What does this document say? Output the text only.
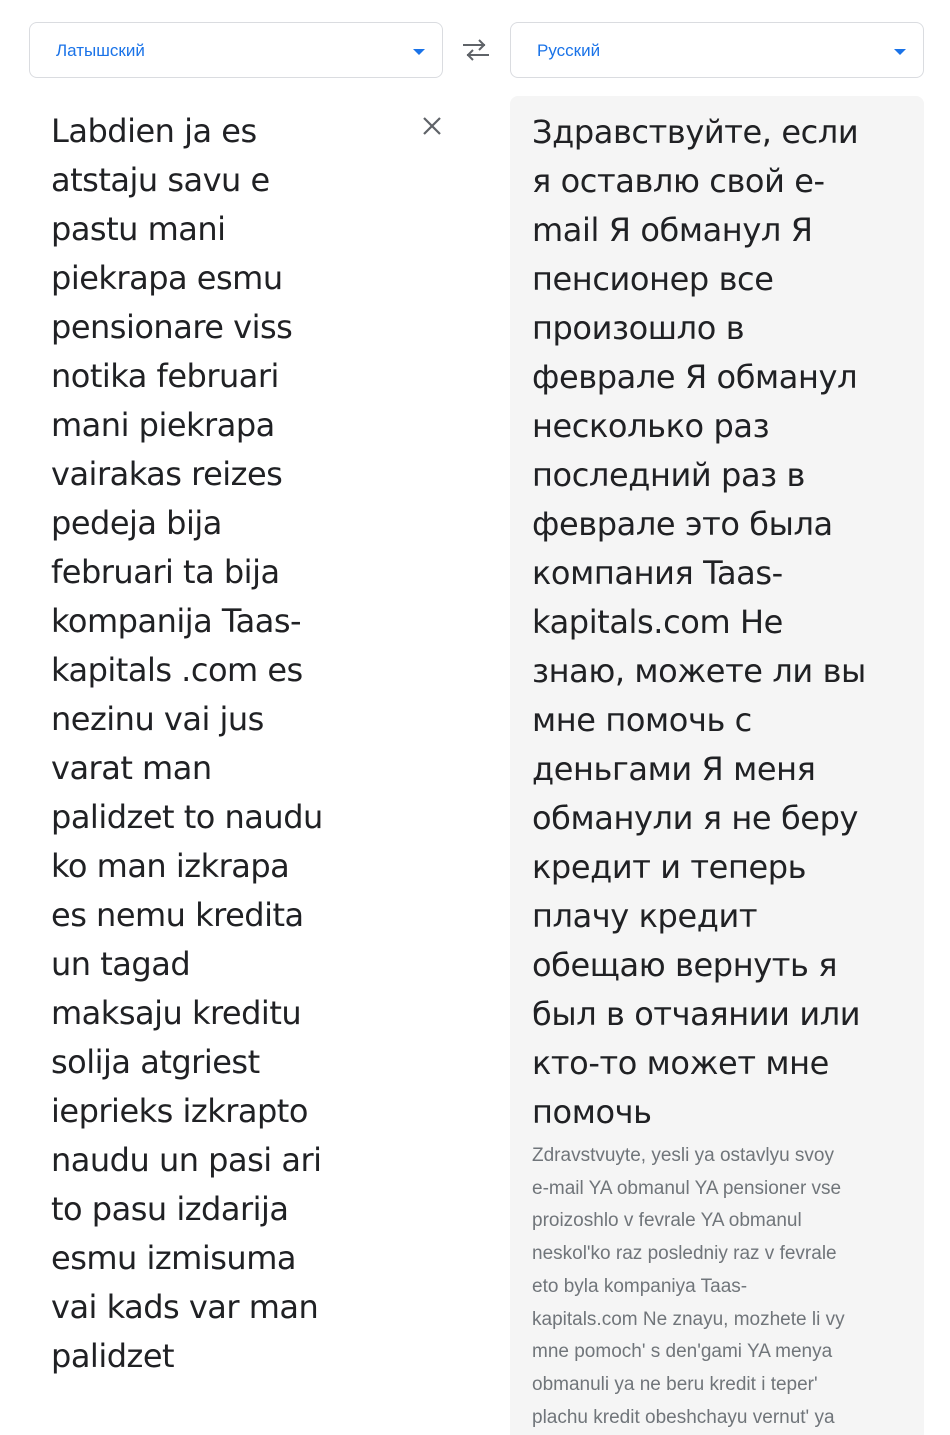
Латышский	Русский

Labdien ja es
atstaju savu e
pastu mani
piekrapa esmu
pensionare viss
notika februari
mani piekrapa
vairakas reizes
pedeja bija
februari ta bija
kompanija Taas-
kapitals .com es
nezinu vai jus
varat man
palidzet to naudu
ko man izkrapa
es nemu kredita
un tagad
maksaju kreditu
solija atgriest
ieprieks izkrapto
naudu un pasi ari
to pasu izdarija
esmu izmisuma
vai kads var man
palidzet

Здравствуйте, если
я оставлю свой e-
mail Я обманул Я
пенсионер все
произошло в
феврале Я обманул
несколько раз
последний раз в
феврале это была
компания Taas-
kapitals.com Не
знаю, можете ли вы
мне помочь с
деньгами Я меня
обманули я не беру
кредит и теперь
плачу кредит
обещаю вернуть я
был в отчаянии или
кто-то может мне
помочь

Zdravstvuyte, yesli ya ostavlyu svoy
e-mail YA obmanul YA pensioner vse
proizoshlo v fevrale YA obmanul
neskol'ko raz posledniy raz v fevrale
eto byla kompaniya Taas-
kapitals.com Ne znayu, mozhete li vy
mne pomoch' s den'gami YA menya
obmanuli ya ne beru kredit i teper'
plachu kredit obeshchayu vernut' ya
